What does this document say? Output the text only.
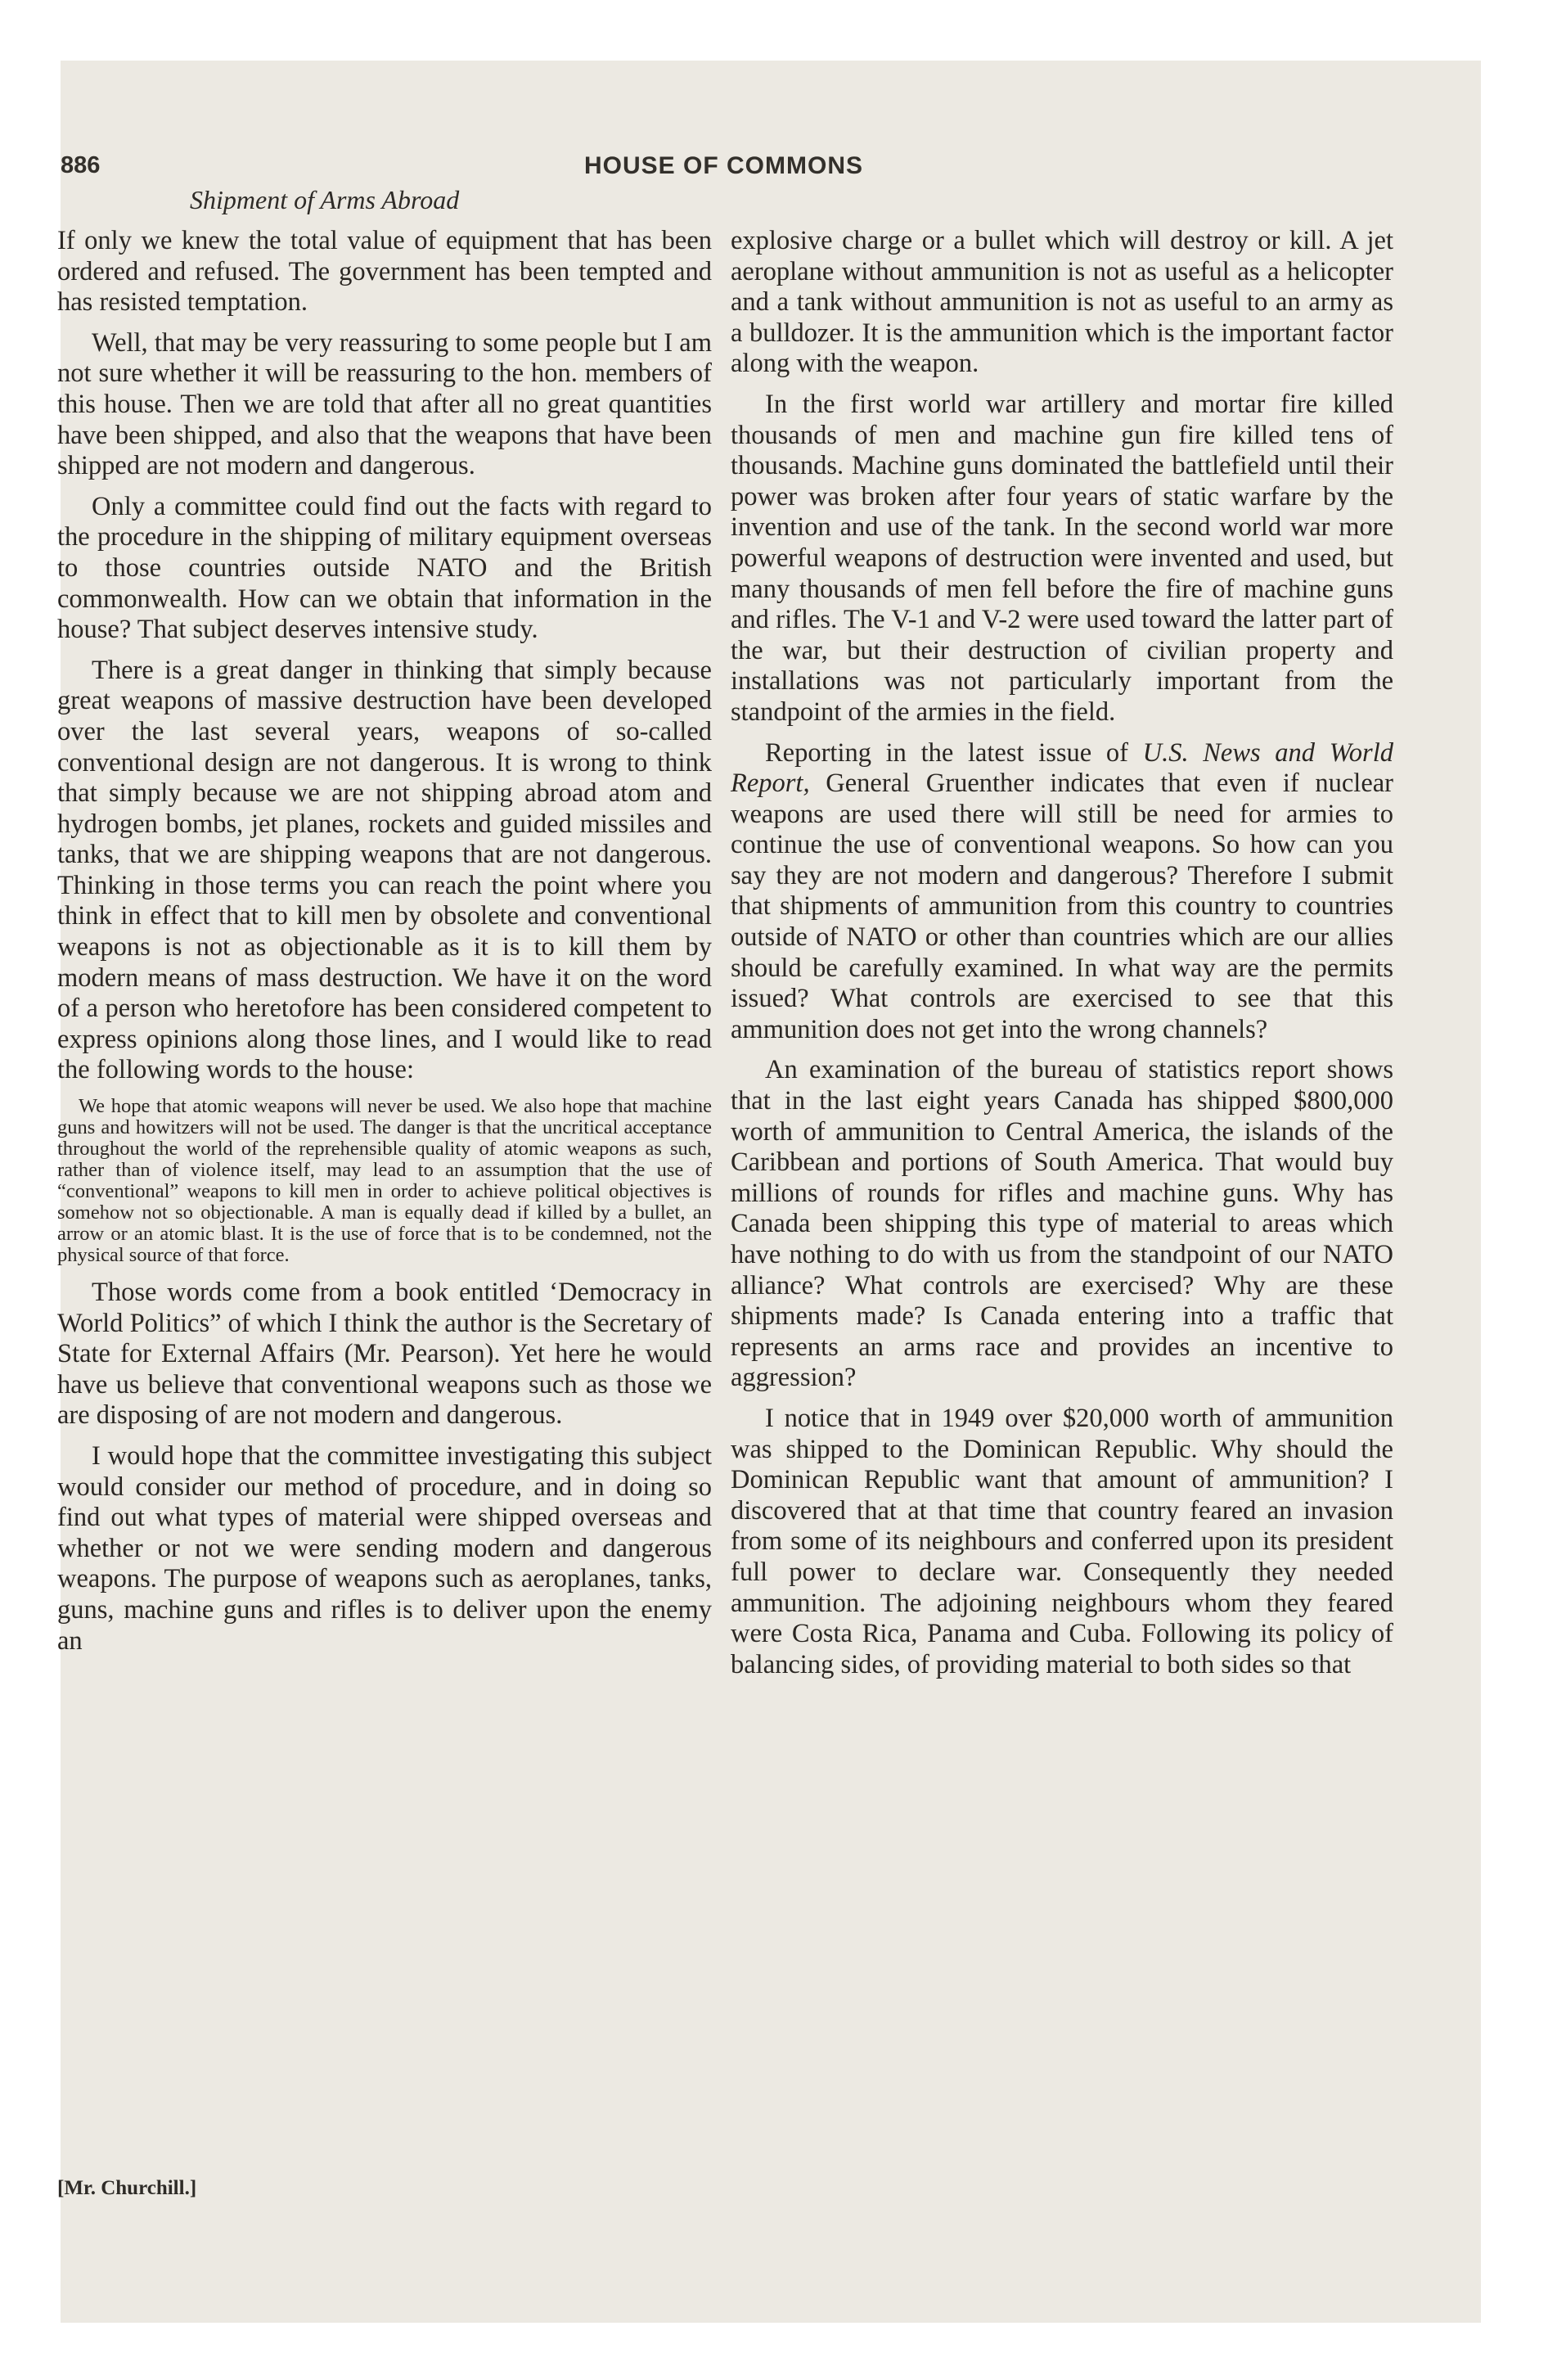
886	HOUSE OF COMMONS
Shipment of Arms Abroad

If only we knew the total value of equipment that has been ordered and refused. The government has been tempted and has resisted temptation.

Well, that may be very reassuring to some people but I am not sure whether it will be reassuring to the hon. members of this house. Then we are told that after all no great quantities have been shipped, and also that the weapons that have been shipped are not modern and dangerous.

Only a committee could find out the facts with regard to the procedure in the shipping of military equipment overseas to those countries outside NATO and the British commonwealth. How can we obtain that information in the house? That subject deserves intensive study.

There is a great danger in thinking that simply because great weapons of massive destruction have been developed over the last several years, weapons of so-called conventional design are not dangerous. It is wrong to think that simply because we are not shipping abroad atom and hydrogen bombs, jet planes, rockets and guided missiles and tanks, that we are shipping weapons that are not dangerous. Thinking in those terms you can reach the point where you think in effect that to kill men by obsolete and conventional weapons is not as objectionable as it is to kill them by modern means of mass destruction. We have it on the word of a person who heretofore has been considered competent to express opinions along those lines, and I would like to read the following words to the house:

We hope that atomic weapons will never be used. We also hope that machine guns and howitzers will not be used. The danger is that the uncritical acceptance throughout the world of the reprehensible quality of atomic weapons as such, rather than of violence itself, may lead to an assumption that the use of “conventional” weapons to kill men in order to achieve political objectives is somehow not so objectionable. A man is equally dead if killed by a bullet, an arrow or an atomic blast. It is the use of force that is to be condemned, not the physical source of that force.

Those words come from a book entitled ‘Democracy in World Politics” of which I think the author is the Secretary of State for External Affairs (Mr. Pearson). Yet here he would have us believe that conventional weapons such as those we are disposing of are not modern and dangerous.

I would hope that the committee investigating this subject would consider our method of procedure, and in doing so find out what types of material were shipped overseas and whether or not we were sending modern and dangerous weapons. The purpose of weapons such as aeroplanes, tanks, guns, machine guns and rifles is to deliver upon the enemy an

[Mr. Churchill.]

explosive charge or a bullet which will destroy or kill. A jet aeroplane without ammunition is not as useful as a helicopter and a tank without ammunition is not as useful to an army as a bulldozer. It is the ammunition which is the important factor along with the weapon.

In the first world war artillery and mortar fire killed thousands of men and machine gun fire killed tens of thousands. Machine guns dominated the battlefield until their power was broken after four years of static warfare by the invention and use of the tank. In the second world war more powerful weapons of destruction were invented and used, but many thousands of men fell before the fire of machine guns and rifles. The V-1 and V-2 were used toward the latter part of the war, but their destruction of civilian property and installations was not particularly important from the standpoint of the armies in the field.

Reporting in the latest issue of U.S. News and World Report, General Gruenther indicates that even if nuclear weapons are used there will still be need for armies to continue the use of conventional weapons. So how can you say they are not modern and dangerous? Therefore I submit that shipments of ammunition from this country to countries outside of NATO or other than countries which are our allies should be carefully examined. In what way are the permits issued? What controls are exercised to see that this ammunition does not get into the wrong channels?

An examination of the bureau of statistics report shows that in the last eight years Canada has shipped $800,000 worth of ammunition to Central America, the islands of the Caribbean and portions of South America. That would buy millions of rounds for rifles and machine guns. Why has Canada been shipping this type of material to areas which have nothing to do with us from the standpoint of our NATO alliance? What controls are exercised? Why are these shipments made? Is Canada entering into a traffic that represents an arms race and provides an incentive to aggression?

I notice that in 1949 over $20,000 worth of ammunition was shipped to the Dominican Republic. Why should the Dominican Republic want that amount of ammunition? I discovered that at that time that country feared an invasion from some of its neighbours and conferred upon its president full power to declare war. Consequently they needed ammunition. The adjoining neighbours whom they feared were Costa Rica, Panama and Cuba. Following its policy of balancing sides, of providing material to both sides so that
